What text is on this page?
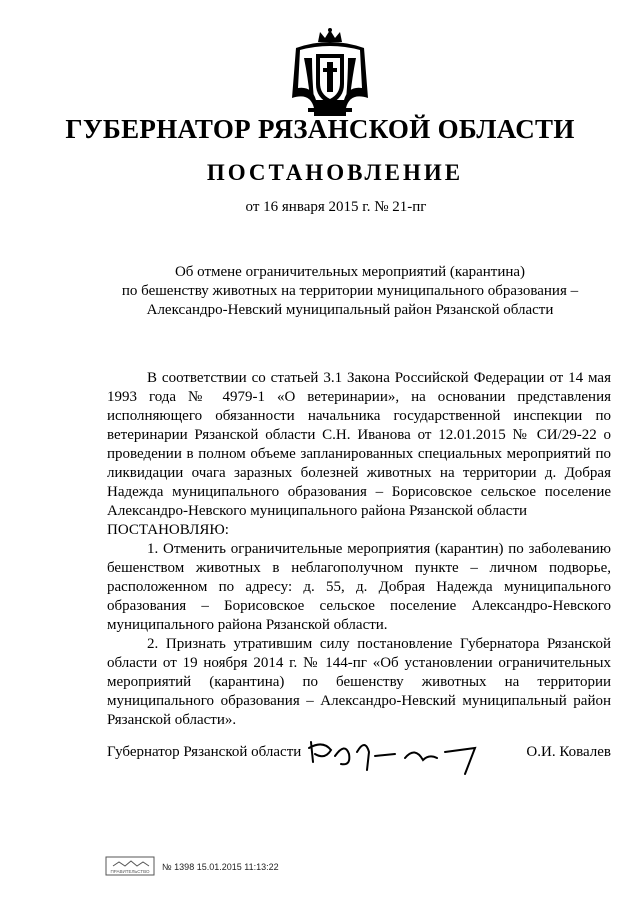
ГУБЕРНАТОР РЯЗАНСКОЙ ОБЛАСТИ
ПОСТАНОВЛЕНИЕ
от 16 января 2015 г. № 21-пг
Об отмене ограничительных мероприятий (карантина)
по бешенству животных на территории муниципального образования –
Александро-Невский муниципальный район Рязанской области

В соответствии со статьей 3.1 Закона Российской Федерации от 14 мая 1993 года № 4979-1 «О ветеринарии», на основании представления исполняющего обязанности начальника государственной инспекции по ветеринарии Рязанской области С.Н. Иванова от 12.01.2015 № СИ/29-22 о проведении в полном объеме запланированных специальных мероприятий по ликвидации очага заразных болезней животных на территории д. Добрая Надежда муниципального образования – Борисовское сельское поселение Александро-Невского муниципального района Рязанской области

ПОСТАНОВЛЯЮ:

1. Отменить ограничительные мероприятия (карантин) по заболеванию бешенством животных в неблагополучном пункте – личном подворье, расположенном по адресу: д. 55, д. Добрая Надежда муниципального образования – Борисовское сельское поселение Александро-Невского муниципального района Рязанской области.

2. Признать утратившим силу постановление Губернатора Рязанской области от 19 ноября 2014 г. № 144-пг «Об установлении ограничительных мероприятий (карантина) по бешенству животных на территории муниципального образования – Александро-Невский муниципальный район Рязанской области».

Губернатор Рязанской области	О.И. Ковалев
ПРАВИТЕЛЬСТВО № 1398 15.01.2015 11:13:22
